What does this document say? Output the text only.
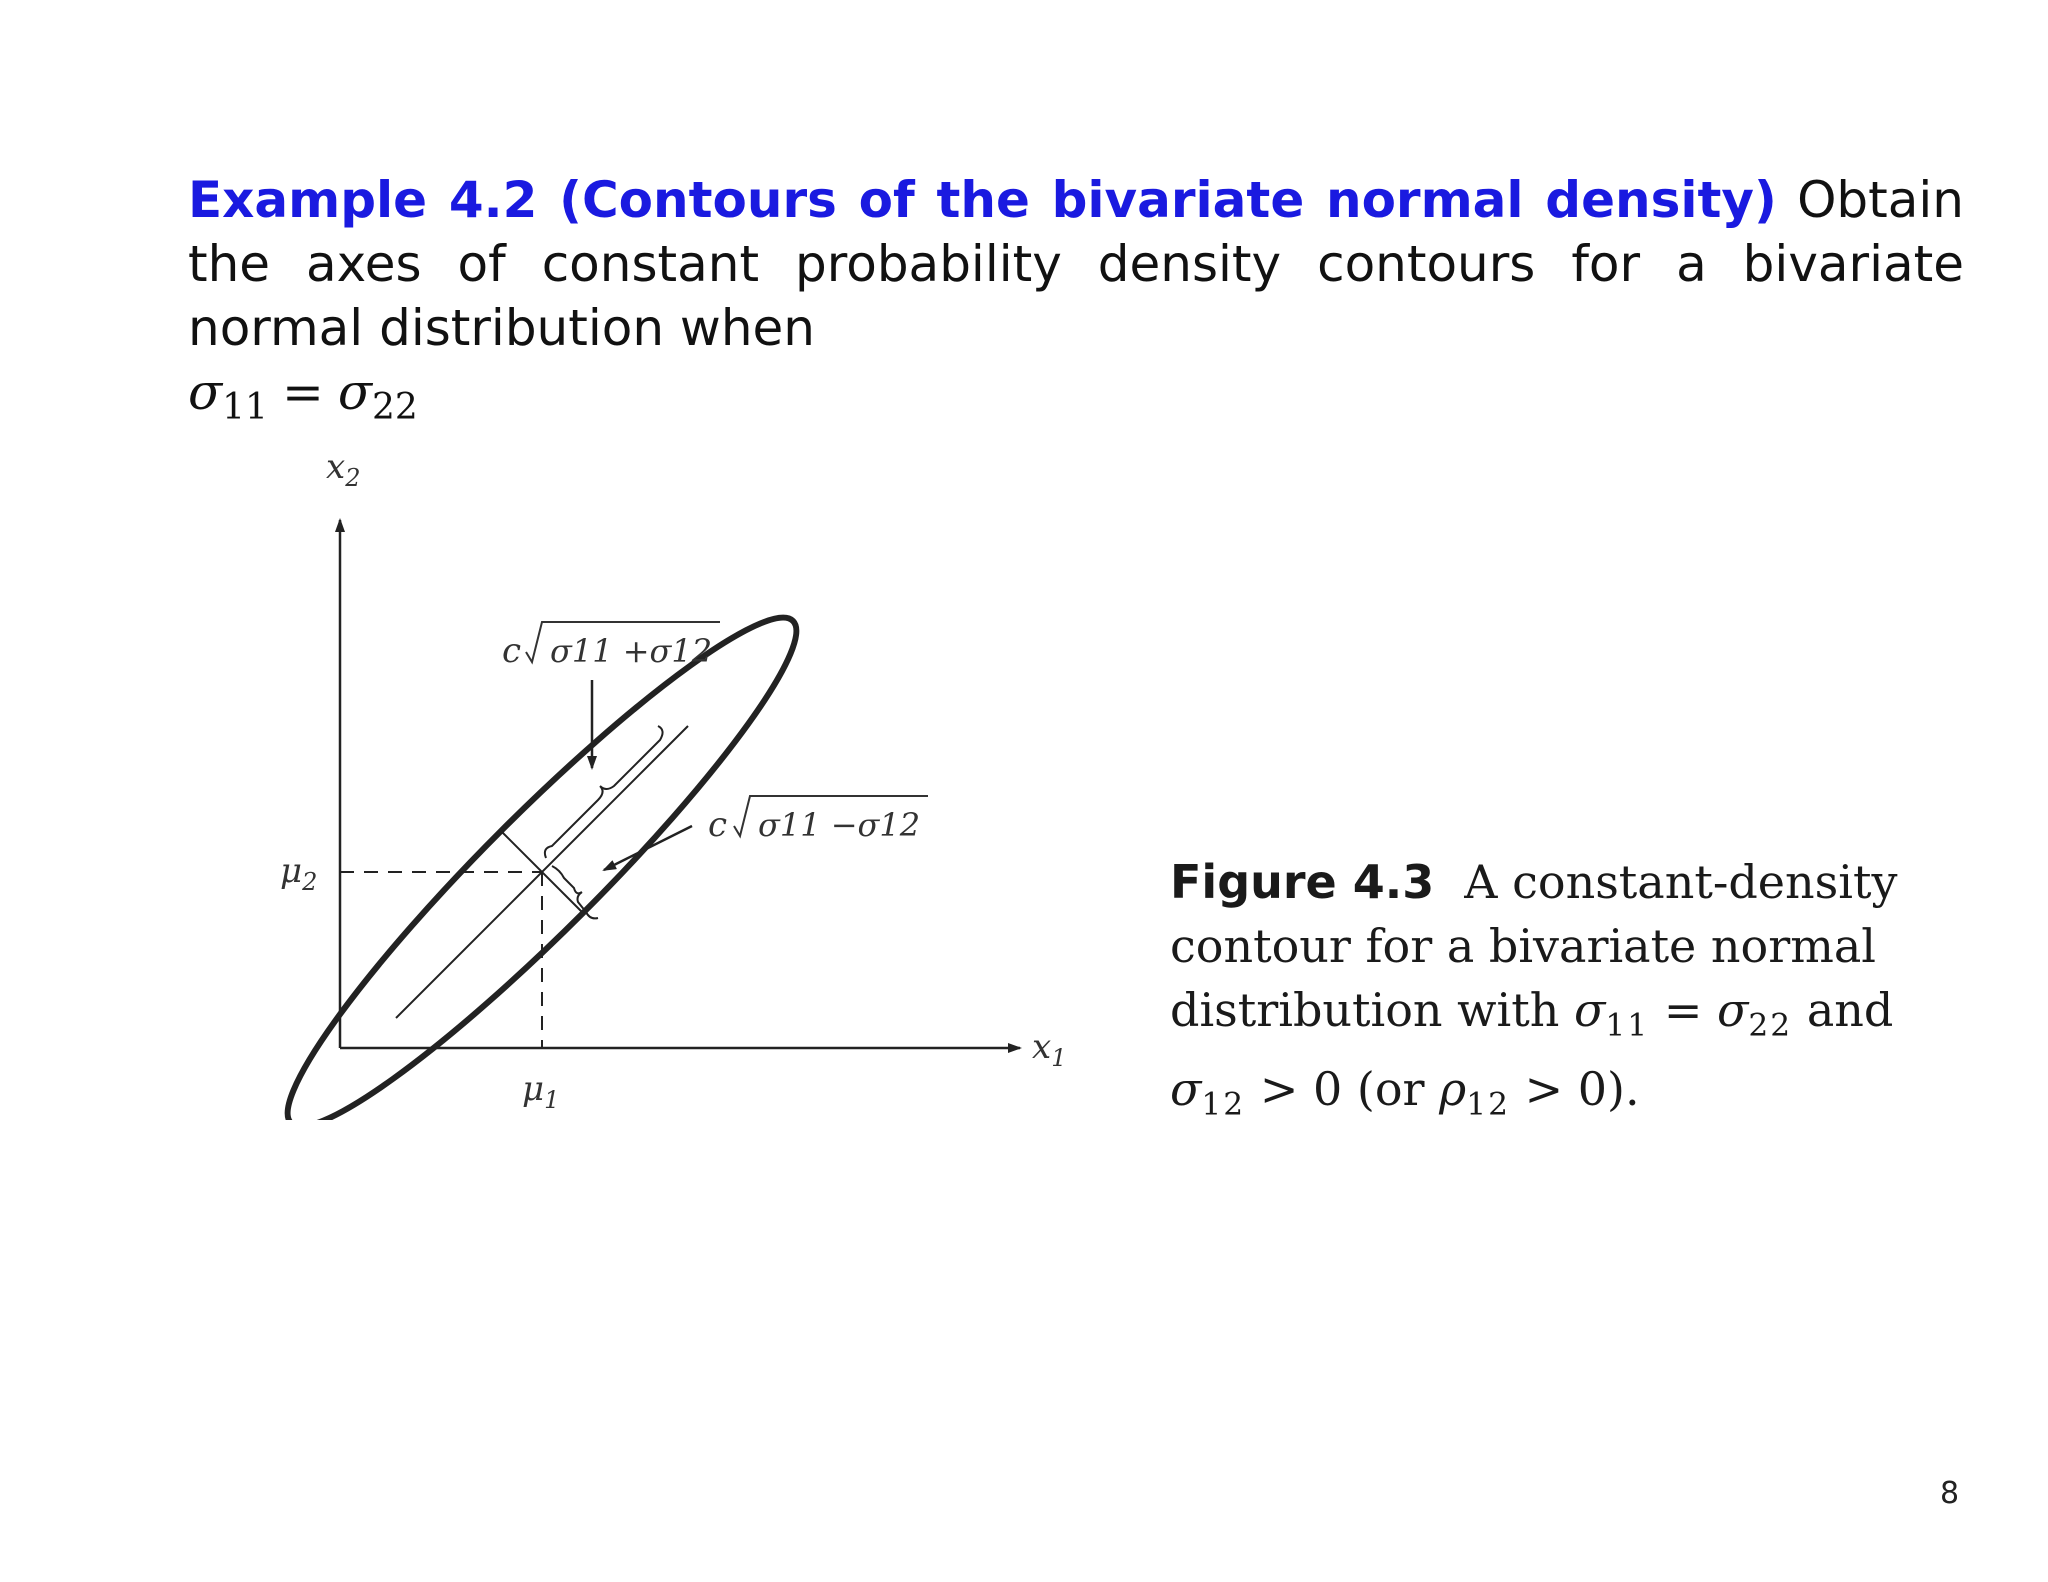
Example 4.2 (Contours of the bivariate normal density) Obtain the axes of constant probability density contours for a bivariate normal distribution when
$\sigma_{11} = \sigma_{22}$
$x_2$
$x_1$
$\mu_2$
$\mu_1$
c σ11 +σ12
c σ11 −σ12
Figure 4.3 A constant-density
contour for a bivariate normal
distribution with $\sigma_{11} = \sigma_{22}$ and
$\sigma_{12} > 0$ (or $\rho_{12} > 0$).
8
